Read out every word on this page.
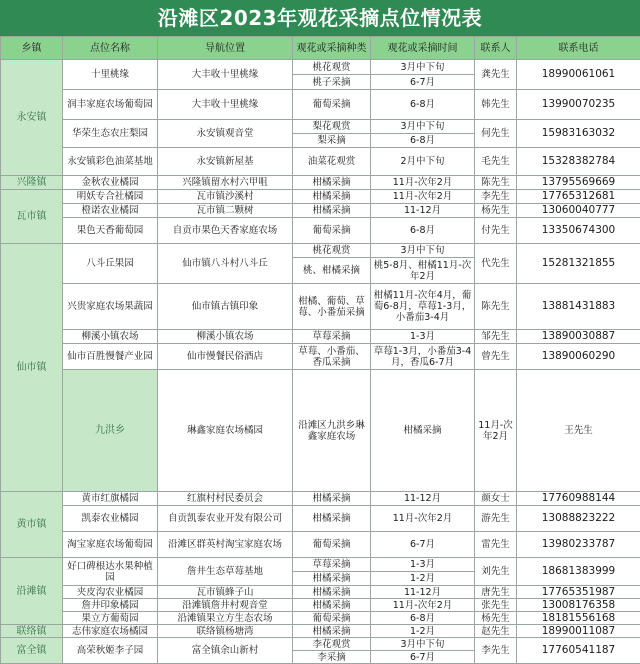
沿滩区2023年观花采摘点位情况表
乡镇	点位名称	导航位置	观花或采摘种类	观花或采摘时间	联系人	联系电话	
永安镇	十里桃缘	大丰收十里桃缘	桃花观赏	3月中下旬	龚先生	18990061061	
			桃子采摘	6-7月			
	润丰家庭农场葡萄园	大丰收十里桃缘	葡萄采摘	6-8月	韩先生	13990070235	
	华荣生态农庄梨园	永安镇观音堂	梨花观赏	3月中下旬	何先生	15983163032	
			梨采摘	6-8月			
	永安镇彩色油菜基地	永安镇新屋基	油菜花观赏	2月中下旬	毛先生	15328382784	
兴隆镇	金秋农业橘园	兴隆镇留水村六甲咀	柑橘采摘	11月-次年2月	陈先生	13795569669	
瓦市镇	明妖专合社橘园	瓦市镇沙溪村	柑橘采摘	11月-次年2月	李先生	17765312681	
	橙诺农业橘园	瓦市镇二颗树	柑橘采摘	11-12月	杨先生	13060040777	
	果色天香葡萄园	自贡市果色天香家庭农场	葡萄采摘	6-8月	付先生	13350674300	
仙市镇	八斗丘果园	仙市镇八斗村八斗丘	桃花观赏	3月中下旬	代先生	15281321855	
			桃、柑橘采摘	桃5-8月、柑橘11月-次年2月			
	兴贵家庭农场果蔬园	仙市镇古镇印象	柑橘、葡萄、草莓、小番茄采摘	柑橘11月-次年4月，葡萄6-8月，草莓1-3月，小番茄3-4月	陈先生	13881431883	
	柳溪小镇农场	柳溪小镇农场	草莓采摘	1-3月	邹先生	13890030887	
	仙市百胜慢餐产业园	仙市慢餐民俗酒店	草莓、小番茄、香瓜采摘	草莓1-3月，小番茄3-4月，香瓜6-7月	曾先生	13890060290	
	九洪乡	琳鑫家庭农场橘园	沿滩区九洪乡琳鑫家庭农场	柑橘采摘	11月-次年2月	王先生	
黄市镇	黄市红旗橘园	红旗村村民委员会	柑橘采摘	11-12月	颜女士	17760988144	
	凯泰农业橘园	自贡凯泰农业开发有限公司	柑橘采摘	11月-次年2月	游先生	13088823222	
	淘宝家庭农场葡萄园	沿滩区群英村淘宝家庭农场	葡萄采摘	6-7月	雷先生	13980233787	
沿滩镇	好口碑根达水果种植园	詹井生态草莓基地	草莓采摘	1-3月	刘先生	18681383999	
			柑橘采摘	1-2月			
	夹皮沟农业橘园	瓦市镇蜂子山	柑橘采摘	11-12月	唐先生	17765351987	
	詹井印象橘园	沿滩镇詹井村观音堂	柑橘采摘	11月-次年2月	张先生	13008176358	
	果立方葡萄园	沿滩镇果立方生态农场	葡萄采摘	6-8月	杨先生	18181556168	
联络镇	志伟家庭农场橘园	联络镇杨塘湾	柑橘采摘	1-2月	赵先生	18990011087	
富全镇	高荣秋姬李子园	富全镇余山新村	李花观赏	3月中下旬	李先生	17760541187	
			李采摘	6-7月			
